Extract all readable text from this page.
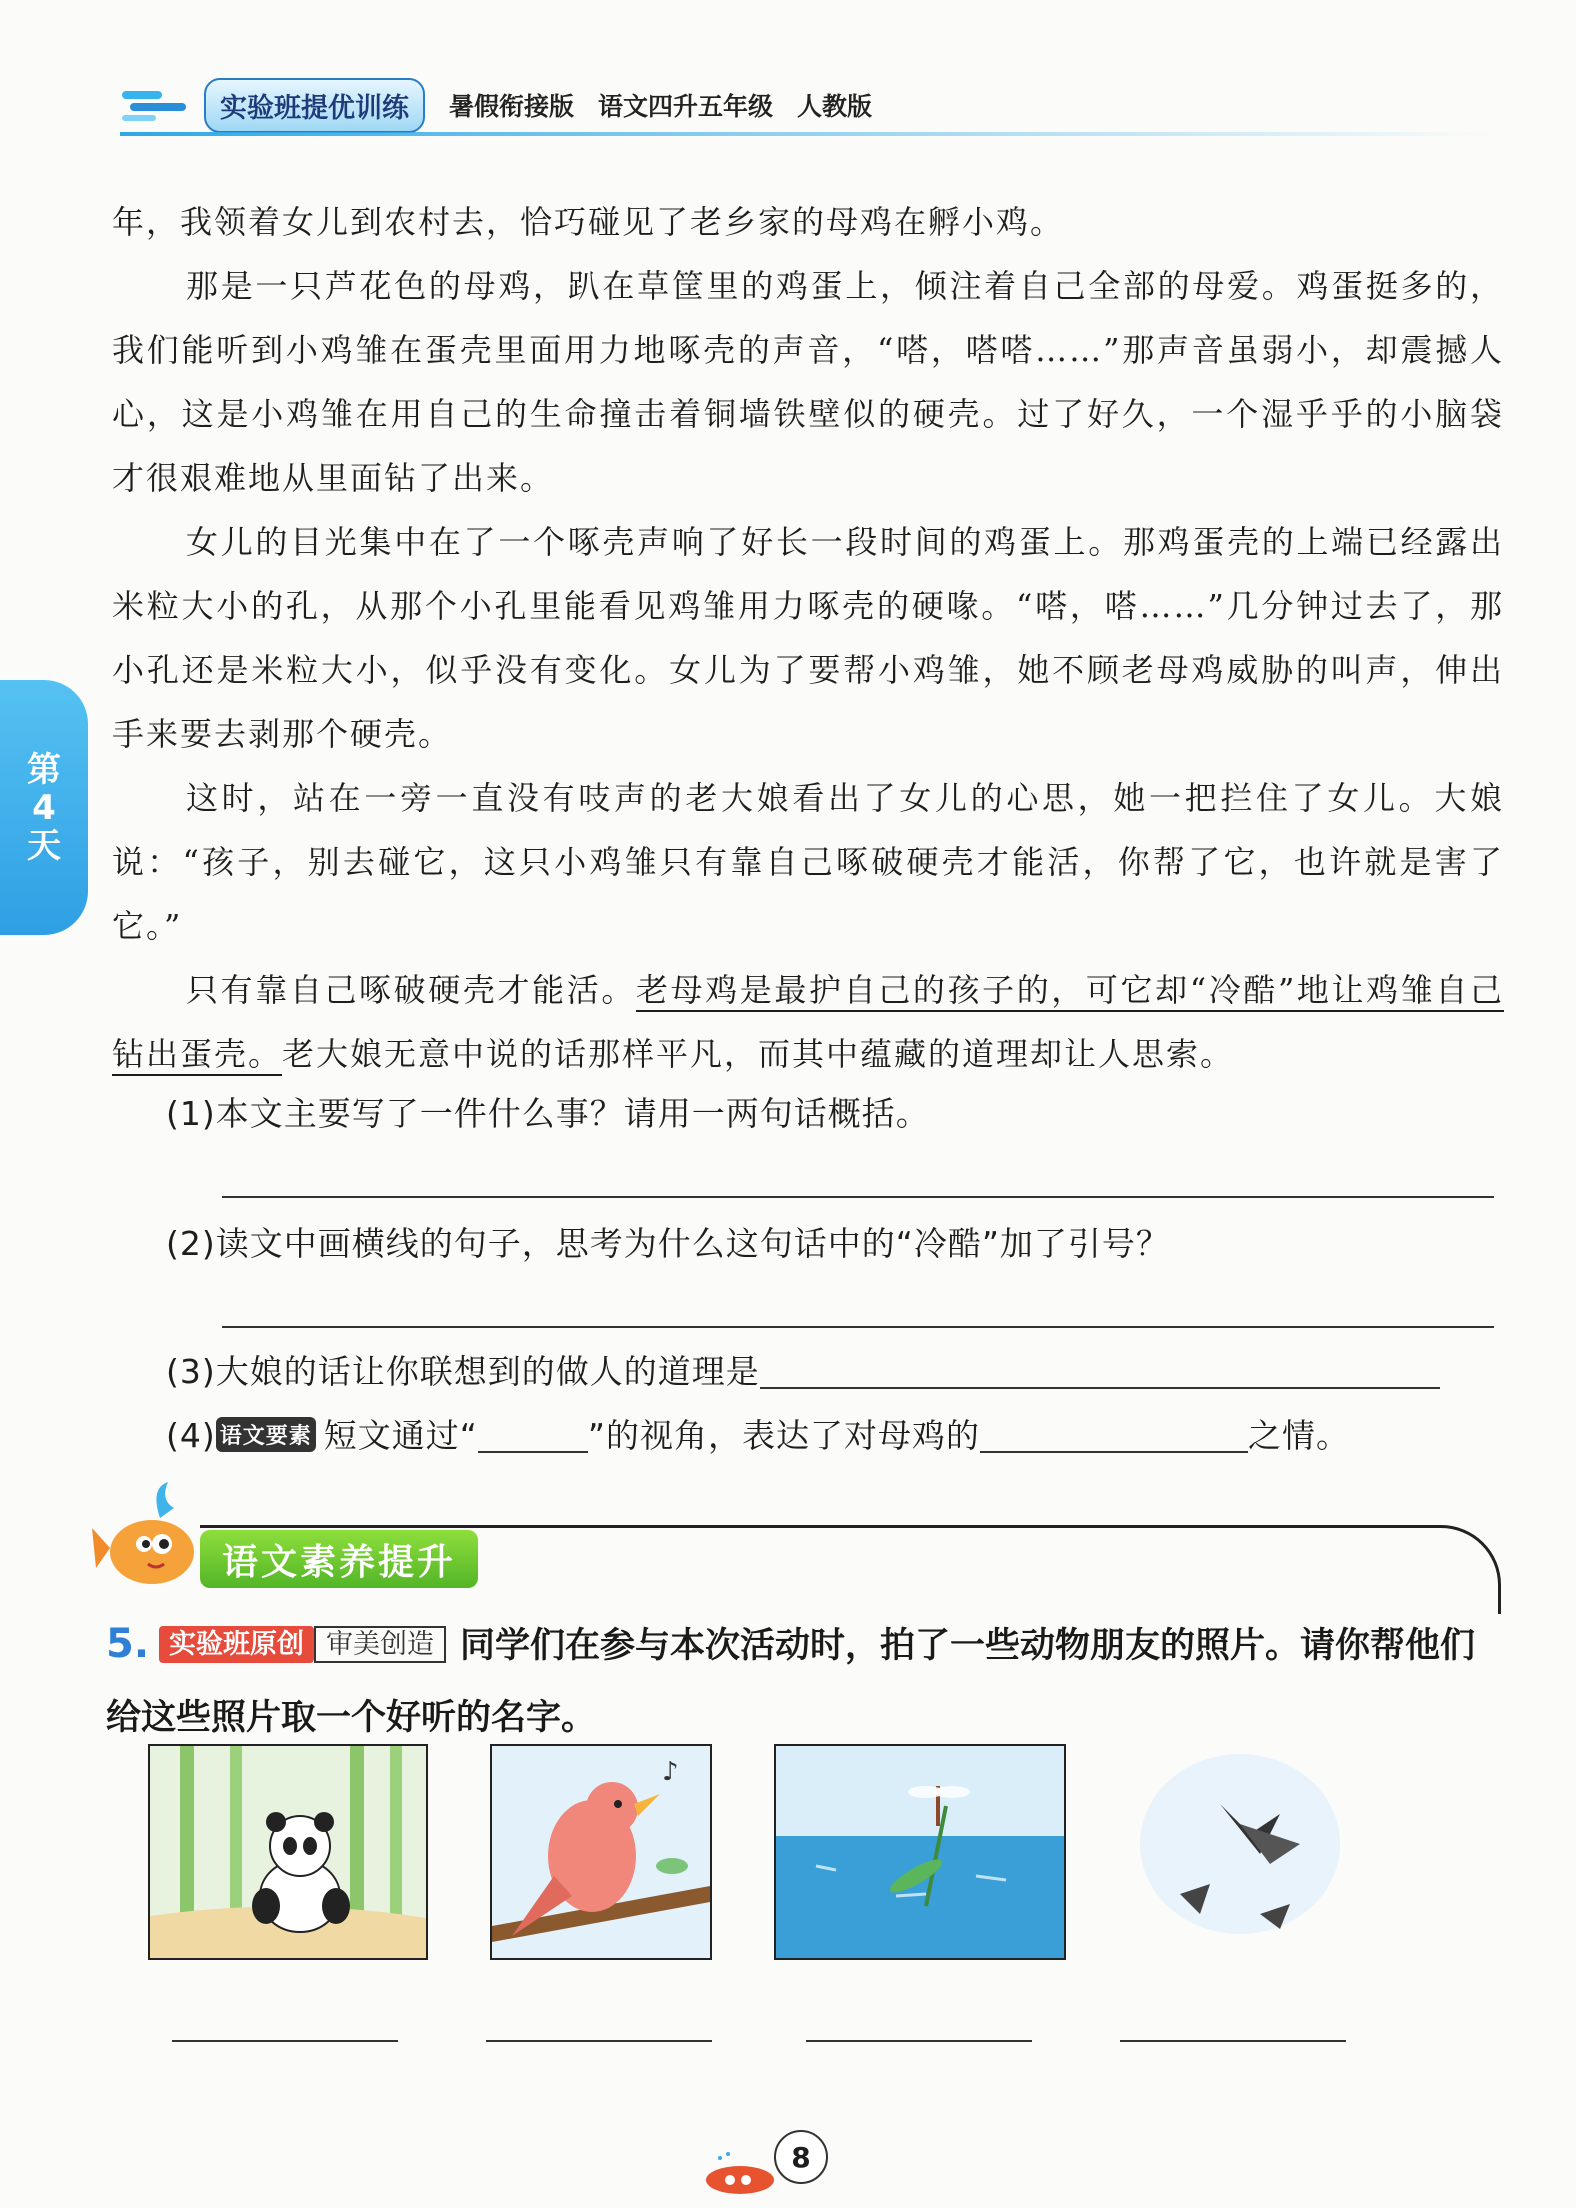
实验班提优训练	暑假衔接版 语文四升五年级 人教版
第
4
天

年，我领着女儿到农村去，恰巧碰见了老乡家的母鸡在孵小鸡。

那是一只芦花色的母鸡，趴在草筐里的鸡蛋上，倾注着自己全部的母爱。鸡蛋挺多的，我们能听到小鸡雏在蛋壳里面用力地啄壳的声音，“嗒，嗒嗒……”那声音虽弱小，却震撼人心，这是小鸡雏在用自己的生命撞击着铜墙铁壁似的硬壳。过了好久，一个湿乎乎的小脑袋才很艰难地从里面钻了出来。

女儿的目光集中在了一个啄壳声响了好长一段时间的鸡蛋上。那鸡蛋壳的上端已经露出米粒大小的孔，从那个小孔里能看见鸡雏用力啄壳的硬喙。“嗒，嗒……”几分钟过去了，那小孔还是米粒大小，似乎没有变化。女儿为了要帮小鸡雏，她不顾老母鸡威胁的叫声，伸出手来要去剥那个硬壳。

这时，站在一旁一直没有吱声的老大娘看出了女儿的心思，她一把拦住了女儿。大娘说：“孩子，别去碰它，这只小鸡雏只有靠自己啄破硬壳才能活，你帮了它，也许就是害了它。”

只有靠自己啄破硬壳才能活。老母鸡是最护自己的孩子的，可它却“冷酷”地让鸡雏自己钻出蛋壳。老大娘无意中说的话那样平凡，而其中蕴藏的道理却让人思索。

(1)本文主要写了一件什么事？请用一两句话概括。
(2)读文中画横线的句子，思考为什么这句话中的“冷酷”加了引号？
(3)大娘的话让你联想到的做人的道理是
(4) 语文要素 短文通过“	”的视角，表达了对母鸡的	之情。
语文素养提升
5. 实验班原创 审美创造 同学们在参与本次活动时，拍了一些动物朋友的照片。请你帮他们给这些照片取一个好听的名字。
♪
8
